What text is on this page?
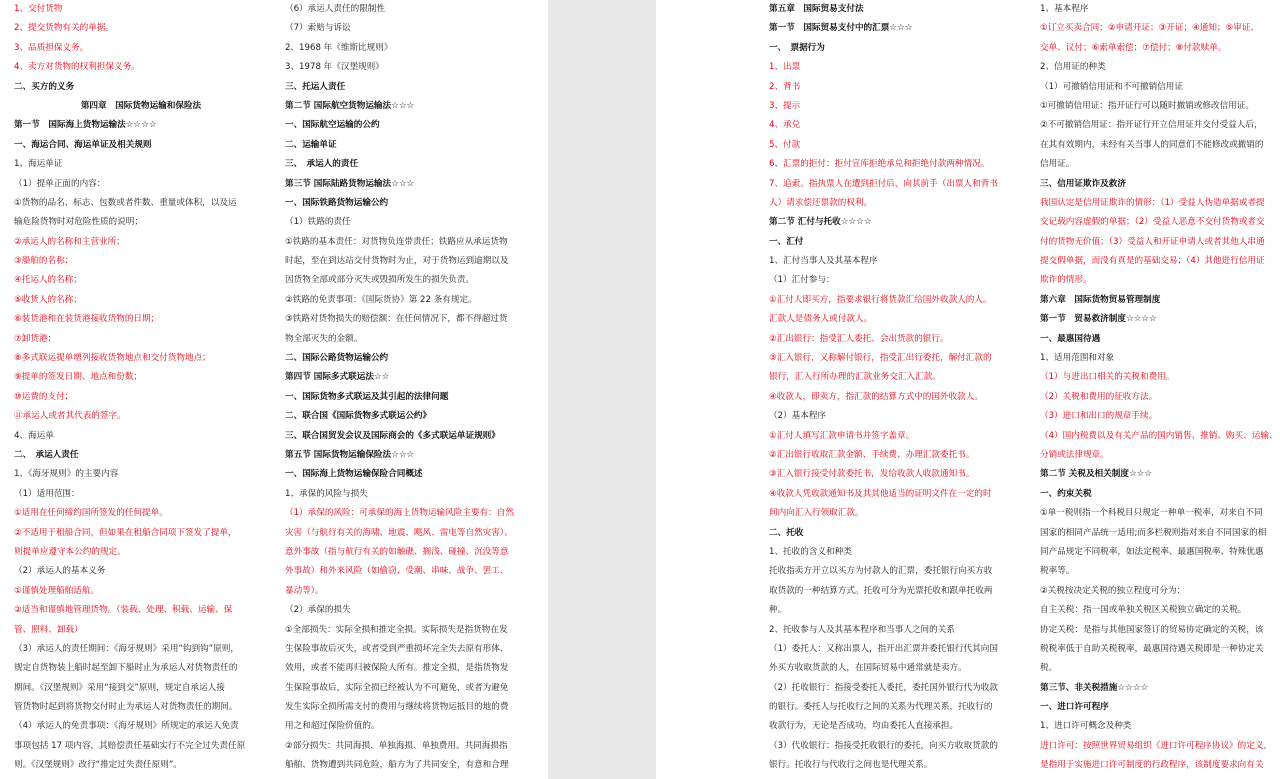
1、交付货物
2、提交货物有关的单据。
3、品质担保义务。
4、卖方对货物的权利担保义务。
二、买方的义务
第四章　国际货物运输和保险法
第一节　国际海上货物运输法☆☆☆☆
一、海运合同、海运单证及相关规则
1、海运单证
（1）提单正面的内容：
①货物的品名、标志、包数或者件数、重量或体积，以及运
输危险货物时对危险性质的说明；
②承运人的名称和主营业所；
③船舶的名称；
④托运人的名称；
⑤收货人的名称；
⑥装货港和在装货港接收货物的日期；
⑦卸货港；
⑧多式联运提单增列接收货物地点和交付货物地点；
⑨提单的签发日期、地点和份数；
⑩运费的支付；
⑪承运人或者其代表的签字。
4、海运单
二、　承运人责任
1、《海牙规则》的主要内容
（1）适用范围：
①适用在任何缔约国所签发的任何提单。
②不适用于租船合同，但如果在租船合同项下签发了提单，
则提单应遵守本公约的规定。
（2）承运人的基本义务
①谨慎处理船舶适航。
②适当和谨慎地管理货物。（装载、处理、积载、运输、保
管、照料、卸载）
（3）承运人的责任期间：《海牙规则》采用“钩到钩”原则，
规定自货物装上船时起至卸下船时止为承运人对货物责任的
期间。《汉堡规则》采用“接到交”原则，规定自承运人接
管货物时起到将货物交付时止为承运人对货物责任的期间。
（4）承运人的免责事项：《海牙规则》所规定的承运人免责
事项包括 17 项内容，其赔偿责任基础实行不完全过失责任原
则。《汉堡规则》改行“推定过失责任原则”。
（6）承运人责任的限制性
（7）索赔与诉讼
2、1968 年《维斯比规则》
3、1978 年《汉堡规则》
三、托运人责任
第二节 国际航空货物运输法☆☆☆
一、国际航空运输的公约
二、运输单证
三、　承运人的责任
第三节 国际陆路货物运输法☆☆☆
一、国际铁路货物运输公约
（1）铁路的责任
①铁路的基本责任：对货物负连带责任；铁路应从承运货物
时起，至在到达站交付货物时为止，对于货物运到逾期以及
因货物全部或部分灭失或毁损所发生的损失负责。
②铁路的免责事项：《国际货协》第 22 条有规定。
③铁路对货物损失的赔偿额：在任何情况下，都不得超过货
物全部灭失的金额。
二、国际公路货物运输公约
第四节 国际多式联运法☆☆
一、国际货物多式联运及其引起的法律问题
二、联合国《国际货物多式联运公约》
三、联合国贸发会议及国际商会的《多式联运单证规则》
第五节 国际货物运输保险法☆☆☆
一、国际海上货物运输保险合同概述
1、承保的风险与损失
（1）承保的风险：可承保的海上货物运输风险主要有：自然
灾害（与航行有关的海啸、地震、飓风、雷电等自然灾害）、
意外事故（指与航行有关的如触礁、搁浅、碰撞、沉没等意
外事故）和外来风险（如偷窃、受潮、串味、战争、罢工、
暴动等）。
（2）承保的损失
①全部损失：实际全损和推定全损。实际损失是指货物在发
生保险事故后灭失，或者受到严重损坏完全失去原有形体、
效用，或者不能再归被保险人所有。推定全损，是指货物发
生保险事故后，实际全损已经被认为不可避免，或者为避免
发生实际全损所需支付的费用与继续将货物运抵目的地的费
用之和超过保险价值的。
②部分损失：共同海损、单独海损、单独费用。共同海损指
船舶、货物遭到共同危险，船方为了共同安全，有意和合理
第五章　国际贸易支付法
第一节　国际贸易支付中的汇票☆☆☆
一、　票据行为
1、出票
2、背书
3、提示
4、承兑
5、付款
6、汇票的拒付：拒付宣库拒绝承兑和拒绝付款两种情况。
7、追索。指执票人在遭到拒付后，向其前手（出票人和背书
人）请求偿还票款的权利。
第二节 汇付与托收☆☆☆☆
一、汇付
1、汇付当事人及其基本程序
（1）汇付参与：
①汇付人即买方，指要求银行将货款汇给国外收款人的人。
汇款人是债务人或付款人。
②汇出银行：指受汇人委托、会出货款的银行。
③汇入银行，又称解付银行，指受汇出行委托，解付汇款的
银行，汇入行所办理的汇款业务交汇入汇款。
④收款人，即卖方，指汇款的结算方式中的国外收款人。
（2）基本程序
①汇付人填写汇款申请书并签字盖章。
②汇出银行收取汇款金额、手续费、办理汇款委托书。
③汇入银行接受付款委托书，发给收款人收款通知书。
④收款人凭收款通知书及其其他适当的证明文件在一定的时
间内向汇入行领取汇款。
二、托收
1、托收的含义和种类
托收指卖方开立以买方为付款人的汇票，委托银行向买方收
取货款的一种结算方式。托收可分为光票托收和跟单托收两
种。
2、托收参与人及其基本程序和当事人之间的关系
（1）委托人：又称出票人，指开出汇票并委托银行代其向国
外买方收取货款的人，在国际贸易中通常就是卖方。
（2）托收银行：指接受委托人委托，委托国外银行代为收款
的银行。委托人与托收行之间的关系为代理关系，托收行的
收款行为，无论是否成功，均由委托人直接承担。
（3）代收银行：指接受托收银行的委托，向买方收取货款的
银行。托收行与代收行之间也是代理关系。
1、基本程序
①订立买卖合同；②申请开证；③开证；④通知；⑤审证、
交单、议付；⑥索单索偿；⑦偿付；⑧付款赎单。
2、信用证的种类
（1）可撤销信用证和不可撤销信用证
①可撤销信用证：指开证行可以随时撤销或修改信用证。
②不可撤销信用证：指开证行开立信用证并交付受益人后，
在其有效期内，未经有关当事人的同意们不能修改或撤销的
信用证。
三、信用证欺诈及救济
我国认定是信用证欺诈的情形：（1）受益人伪造单据或者提
交记载内容虚假的单据；（2）受益人恶意不交付货物或者交
付的货物无价值；（3）受益人和开证申请人或者其他人串通
提交假单据，而没有真是的基础交易；（4）其他进行信用证
欺诈的情形。
第六章　国际货物贸易管理制度
第一节　贸易救济制度☆☆☆☆
一、最惠国待遇
1、适用范围和对象
（1）与进出口相关的关税和费用。
（2）关税和费用的征收方法。
（3）进口和出口的规章手续。
（4）国内税费以及有关产品的国内销售、推销、购买、运输、
分销或法律规章。
第二节 关税及相关制度☆☆☆
一、约束关税
①单一税则指一个科税目只规定一种单一税率，对来自不同
国家的相同产品统一适用;而多栏税则指对来自不同国家的相
同产品规定不同税率，如法定税率、最惠国税率、特殊优惠
税率等。
②关税按决定关税的独立程度可分为：
自主关税：指一国或单独关税区关税独立确定的关税。
协定关税：是指与其他国家签订的贸易协定确定的关税，该
税税率低于自助关税税率，最惠国待遇关税即是一种协定关
税。
第三节、非关税措施☆☆☆☆
一、进口许可程序
1、进口许可概念及种类
进口许可：按照世界贸易组织《进口许可程序协议》的定义，
是指用于实施进口许可制度的行政程序，该制度要求向有关
